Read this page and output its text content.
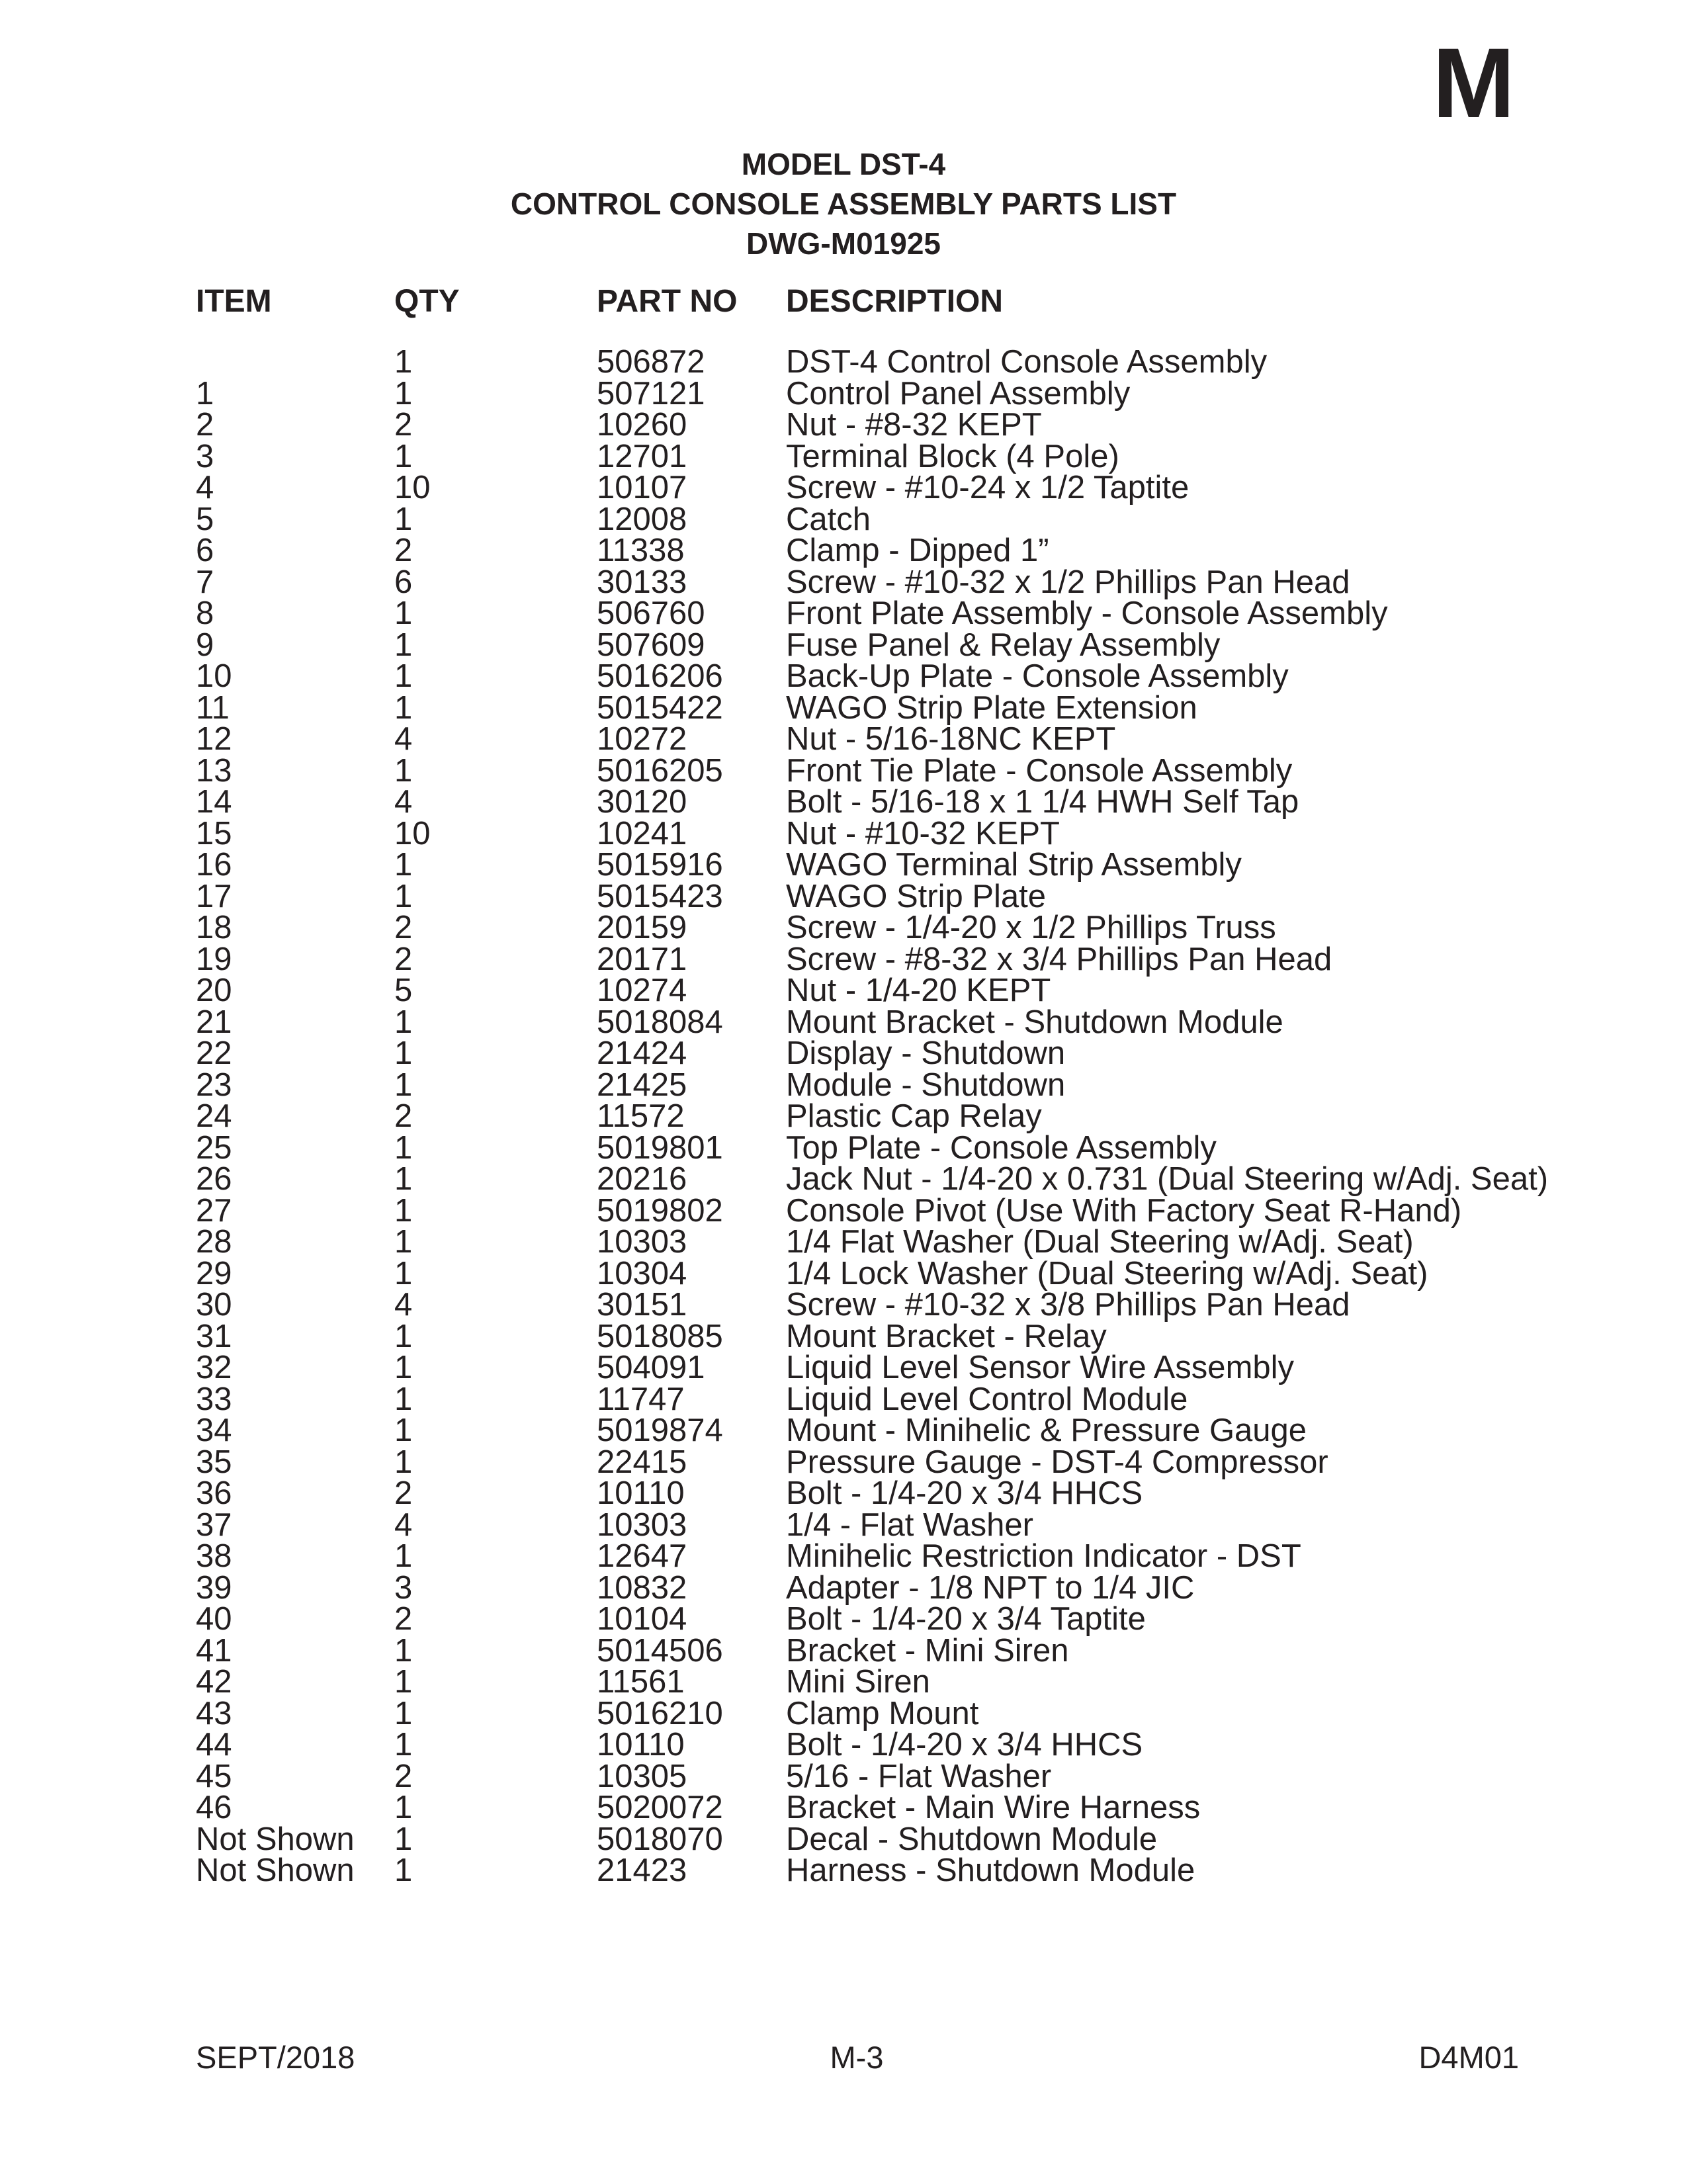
M

MODEL DST-4

CONTROL CONSOLE ASSEMBLY PARTS LIST

DWG-M01925

ITEM	QTY	PART NO	DESCRIPTION
	1	506872	DST-4 Control Console Assembly
1	1	507121	Control Panel Assembly
2	2	10260	Nut - #8-32 KEPT
3	1	12701	Terminal Block (4 Pole)
4	10	10107	Screw - #10-24 x 1/2 Taptite
5	1	12008	Catch
6	2	11338	Clamp - Dipped 1”
7	6	30133	Screw - #10-32 x 1/2 Phillips Pan Head
8	1	506760	Front Plate Assembly - Console Assembly
9	1	507609	Fuse Panel & Relay Assembly
10	1	5016206	Back-Up Plate - Console Assembly
11	1	5015422	WAGO Strip Plate Extension
12	4	10272	Nut - 5/16-18NC KEPT
13	1	5016205	Front Tie Plate - Console Assembly
14	4	30120	Bolt - 5/16-18 x 1 1/4 HWH Self Tap
15	10	10241	Nut - #10-32 KEPT
16	1	5015916	WAGO Terminal Strip Assembly
17	1	5015423	WAGO Strip Plate
18	2	20159	Screw - 1/4-20 x 1/2 Phillips Truss
19	2	20171	Screw - #8-32 x 3/4 Phillips Pan Head
20	5	10274	Nut - 1/4-20 KEPT
21	1	5018084	Mount Bracket - Shutdown Module
22	1	21424	Display - Shutdown
23	1	21425	Module - Shutdown
24	2	11572	Plastic Cap Relay
25	1	5019801	Top Plate - Console Assembly
26	1	20216	Jack Nut - 1/4-20 x 0.731 (Dual Steering w/Adj. Seat)
27	1	5019802	Console Pivot (Use With Factory Seat R-Hand)
28	1	10303	1/4 Flat Washer (Dual Steering w/Adj. Seat)
29	1	10304	1/4 Lock Washer (Dual Steering w/Adj. Seat)
30	4	30151	Screw - #10-32 x 3/8 Phillips Pan Head
31	1	5018085	Mount Bracket - Relay
32	1	504091	Liquid Level Sensor Wire Assembly
33	1	11747	Liquid Level Control Module
34	1	5019874	Mount - Minihelic & Pressure Gauge
35	1	22415	Pressure Gauge - DST-4 Compressor
36	2	10110	Bolt - 1/4-20 x 3/4 HHCS
37	4	10303	1/4 - Flat Washer
38	1	12647	Minihelic Restriction Indicator - DST
39	3	10832	Adapter - 1/8 NPT to 1/4 JIC
40	2	10104	Bolt - 1/4-20 x 3/4 Taptite
41	1	5014506	Bracket - Mini Siren
42	1	11561	Mini Siren
43	1	5016210	Clamp Mount
44	1	10110	Bolt - 1/4-20 x 3/4 HHCS
45	2	10305	5/16 - Flat Washer
46	1	5020072	Bracket - Main Wire Harness
Not Shown	1	5018070	Decal - Shutdown Module
Not Shown	1	21423	Harness - Shutdown Module

SEPT/2018	M-3	D4M01
